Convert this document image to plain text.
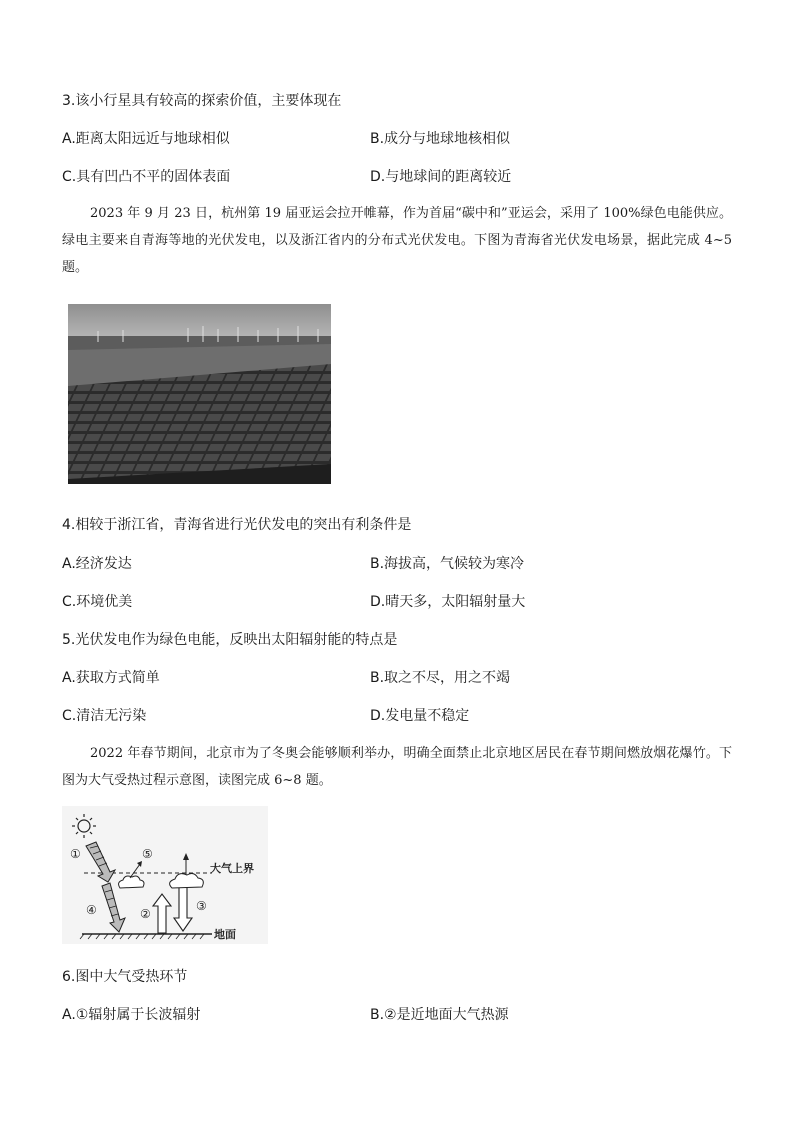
3.该小行星具有较高的探索价值，主要体现在
A.距离太阳远近与地球相似	B.成分与地球地核相似
C.具有凹凸不平的固体表面	D.与地球间的距离较近
2023 年 9 月 23 日，杭州第 19 届亚运会拉开帷幕，作为首届“碳中和”亚运会，采用了 100%绿色电能供应。绿电主要来自青海等地的光伏发电，以及浙江省内的分布式光伏发电。下图为青海省光伏发电场景，据此完成 4~5 题。
4.相较于浙江省，青海省进行光伏发电的突出有利条件是
A.经济发达	B.海拔高，气候较为寒冷
C.环境优美	D.晴天多，太阳辐射量大
5.光伏发电作为绿色电能，反映出太阳辐射能的特点是
A.获取方式简单	B.取之不尽，用之不竭
C.清洁无污染	D.发电量不稳定
2022 年春节期间，北京市为了冬奥会能够顺利举办，明确全面禁止北京地区居民在春节期间燃放烟花爆竹。下图为大气受热过程示意图，读图完成 6~8 题。
①	⑤
④	②
③
大气上界
地面
6.图中大气受热环节
A.①辐射属于长波辐射	B.②是近地面大气热源
